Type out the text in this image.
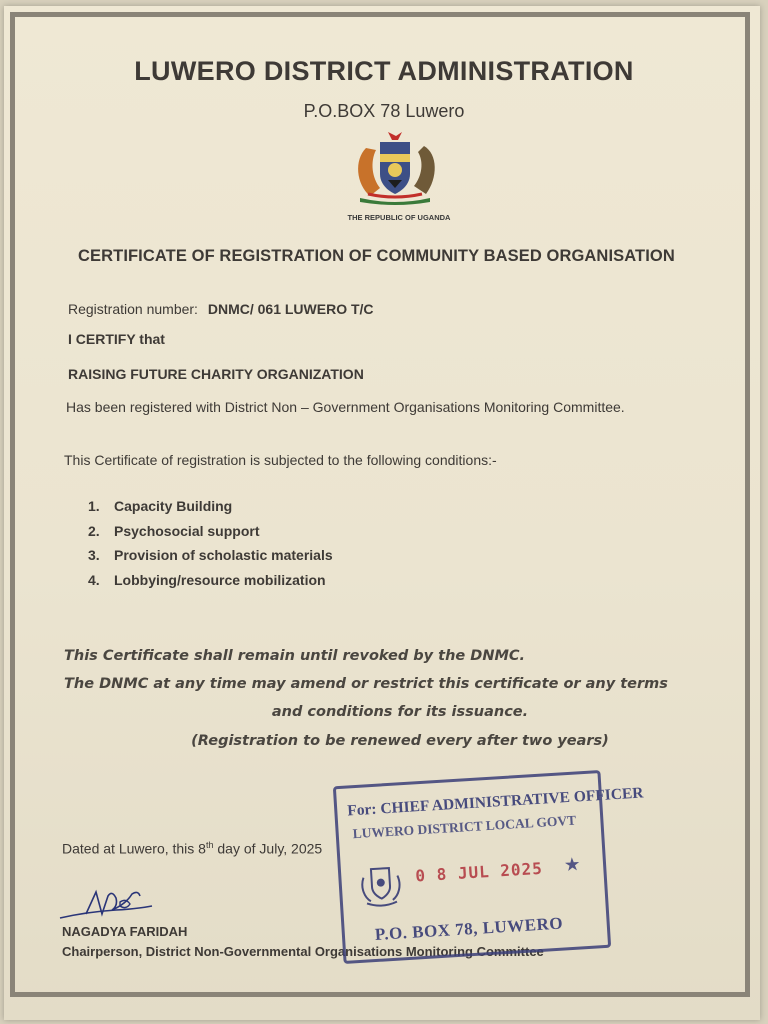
LUWERO DISTRICT ADMINISTRATION
P.O.BOX 78 Luwero
THE REPUBLIC OF UGANDA
CERTIFICATE OF REGISTRATION OF COMMUNITY BASED ORGANISATION
Registration number: DNMC/ 061 LUWERO T/C
I CERTIFY that
RAISING FUTURE CHARITY ORGANIZATION
Has been registered with District Non – Government Organisations Monitoring Committee.
This Certificate of registration is subjected to the following conditions:-
1. Capacity Building
2. Psychosocial support
3. Provision of scholastic materials
4. Lobbying/resource mobilization
This Certificate shall remain until revoked by the DNMC.
The DNMC at any time may amend or restrict this certificate or any terms
and conditions for its issuance.
(Registration to be renewed every after two years)
Dated at Luwero, this 8th day of July, 2025
NAGADYA FARIDAH
Chairperson, District Non-Governmental Organisations Monitoring Committee
For: CHIEF ADMINISTRATIVE OFFICER
LUWERO DISTRICT LOCAL GOVT
0 8 JUL 2025 ★
P.O. BOX 78, LUWERO
